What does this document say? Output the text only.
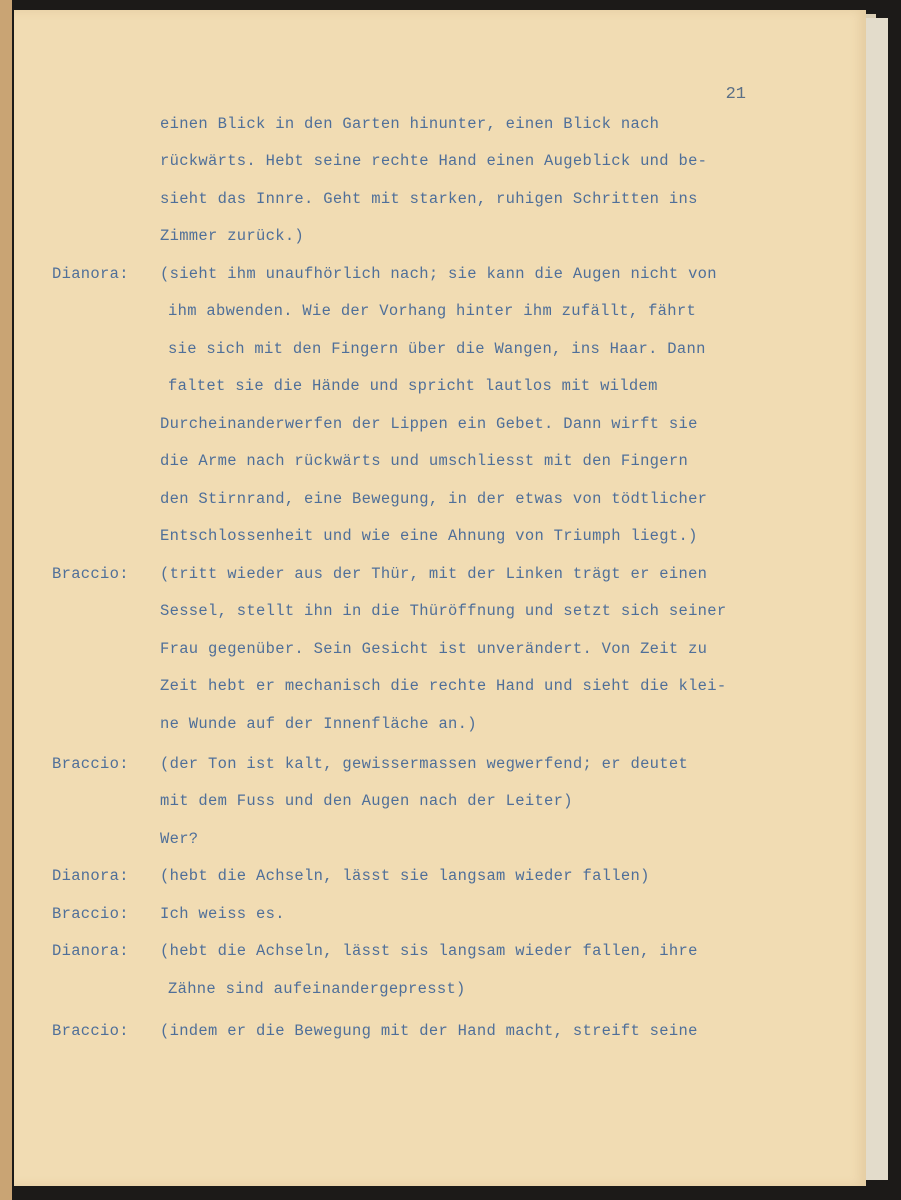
21
einen Blick in den Garten hinunter, einen Blick nach
rückwärts. Hebt seine rechte Hand einen Augeblick und be-
sieht das Innre. Geht mit starken, ruhigen Schritten ins
Zimmer zurück.)
Dianora: (sieht ihm unaufhörlich nach; sie kann die Augen nicht von
ihm abwenden. Wie der Vorhang hinter ihm zufällt, fährt
sie sich mit den Fingern über die Wangen, ins Haar. Dann
faltet sie die Hände und spricht lautlos mit wildem
Durcheinanderwerfen der Lippen ein Gebet. Dann wirft sie
die Arme nach rückwärts und umschliesst mit den Fingern
den Stirnrand, eine Bewegung, in der etwas von tödtlicher
Entschlossenheit und wie eine Ahnung von Triumph liegt.)
Braccio: (tritt wieder aus der Thür, mit der Linken trägt er einen
Sessel, stellt ihn in die Thüröffnung und setzt sich seiner
Frau gegenüber. Sein Gesicht ist unverändert. Von Zeit zu
Zeit hebt er mechanisch die rechte Hand und sieht die klei-
ne Wunde auf der Innenfläche an.)
Braccio: (der Ton ist kalt, gewissermassen wegwerfend; er deutet
mit dem Fuss und den Augen nach der Leiter)
Wer?
Dianora: (hebt die Achseln, lässt sie langsam wieder fallen)
Braccio: Ich weiss es.
Dianora: (hebt die Achseln, lässt sis langsam wieder fallen, ihre
Zähne sind aufeinandergepresst)
Braccio: (indem er die Bewegung mit der Hand macht, streift seine
